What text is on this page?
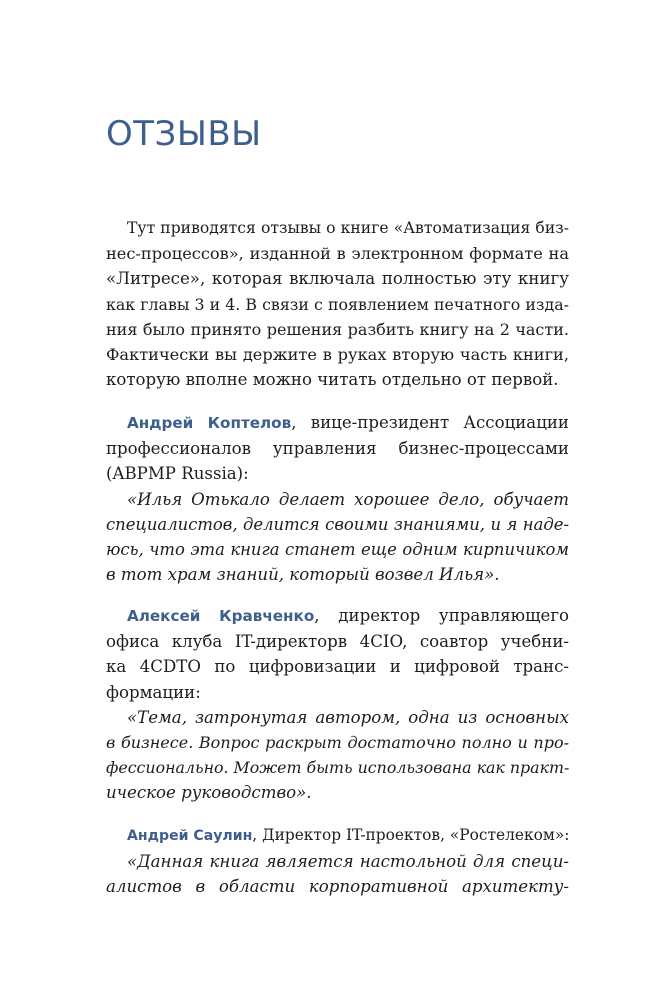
ОТЗЫВЫ
Тут приводятся отзывы о книге «Автоматизация биз-
нес-процессов», изданной в электронном формате на
«Литресе», которая включала полностью эту книгу
как главы 3 и 4. В связи с появлением печатного изда-
ния было принято решения разбить книгу на 2 части.
Фактически вы держите в руках вторую часть книги,
которую вполне можно читать отдельно от первой.
Андрей Коптелов, вице-президент Ассоциации
профессионалов управления бизнес-процессами
(ABPMP Russia):
«Илья Отькало делает хорошее дело, обучает
специалистов, делится своими знаниями, и я наде-
юсь, что эта книга станет еще одним кирпичиком
в тот храм знаний, который возвел Илья».
Алексей Кравченко, директор управляющего
офиса клуба IT-директорв 4CIO, соавтор учебни-
ка 4CDTO по цифровизации и цифровой транс-
формации:
«Тема, затронутая автором, одна из основных
в бизнесе. Вопрос раскрыт достаточно полно и про-
фессионально. Может быть использована как практ-
ическое руководство».
Андрей Саулин, Директор IT-проектов, «Ростелеком»:
«Данная книга является настольной для специ-
алистов в области корпоративной архитекту-
